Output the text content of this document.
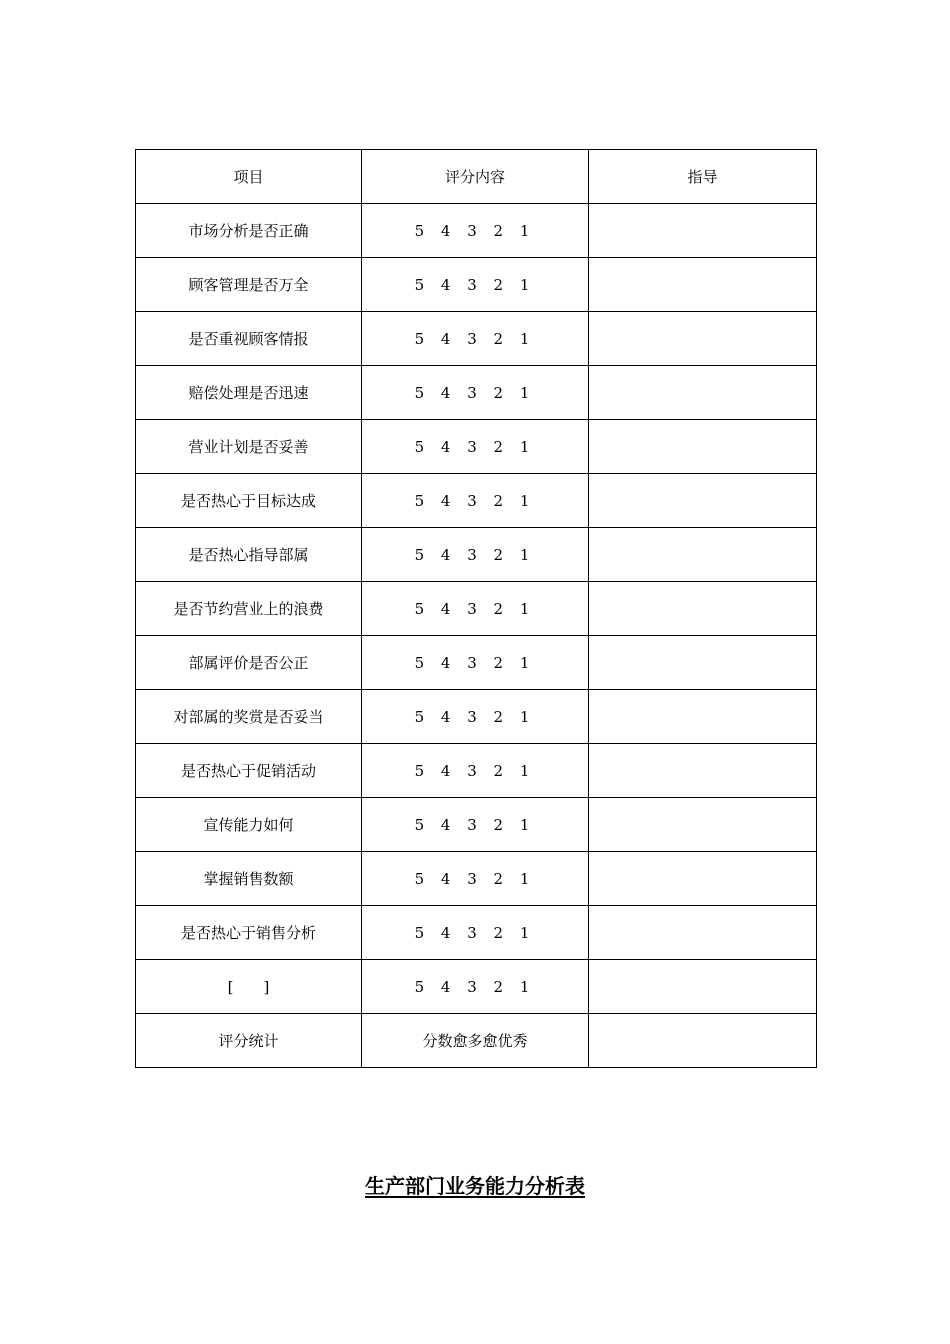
项目	评分内容	指导
市场分析是否正确	5 4 3 2 1	
顾客管理是否万全	5 4 3 2 1	
是否重视顾客情报	5 4 3 2 1	
赔偿处理是否迅速	5 4 3 2 1	
营业计划是否妥善	5 4 3 2 1	
是否热心于目标达成	5 4 3 2 1	
是否热心指导部属	5 4 3 2 1	
是否节约营业上的浪费	5 4 3 2 1	
部属评价是否公正	5 4 3 2 1	
对部属的奖赏是否妥当	5 4 3 2 1	
是否热心于促销活动	5 4 3 2 1	
宣传能力如何	5 4 3 2 1	
掌握销售数额	5 4 3 2 1	
是否热心于销售分析	5 4 3 2 1	
[　　]	5 4 3 2 1	
评分统计	分数愈多愈优秀	
生产部门业务能力分析表
